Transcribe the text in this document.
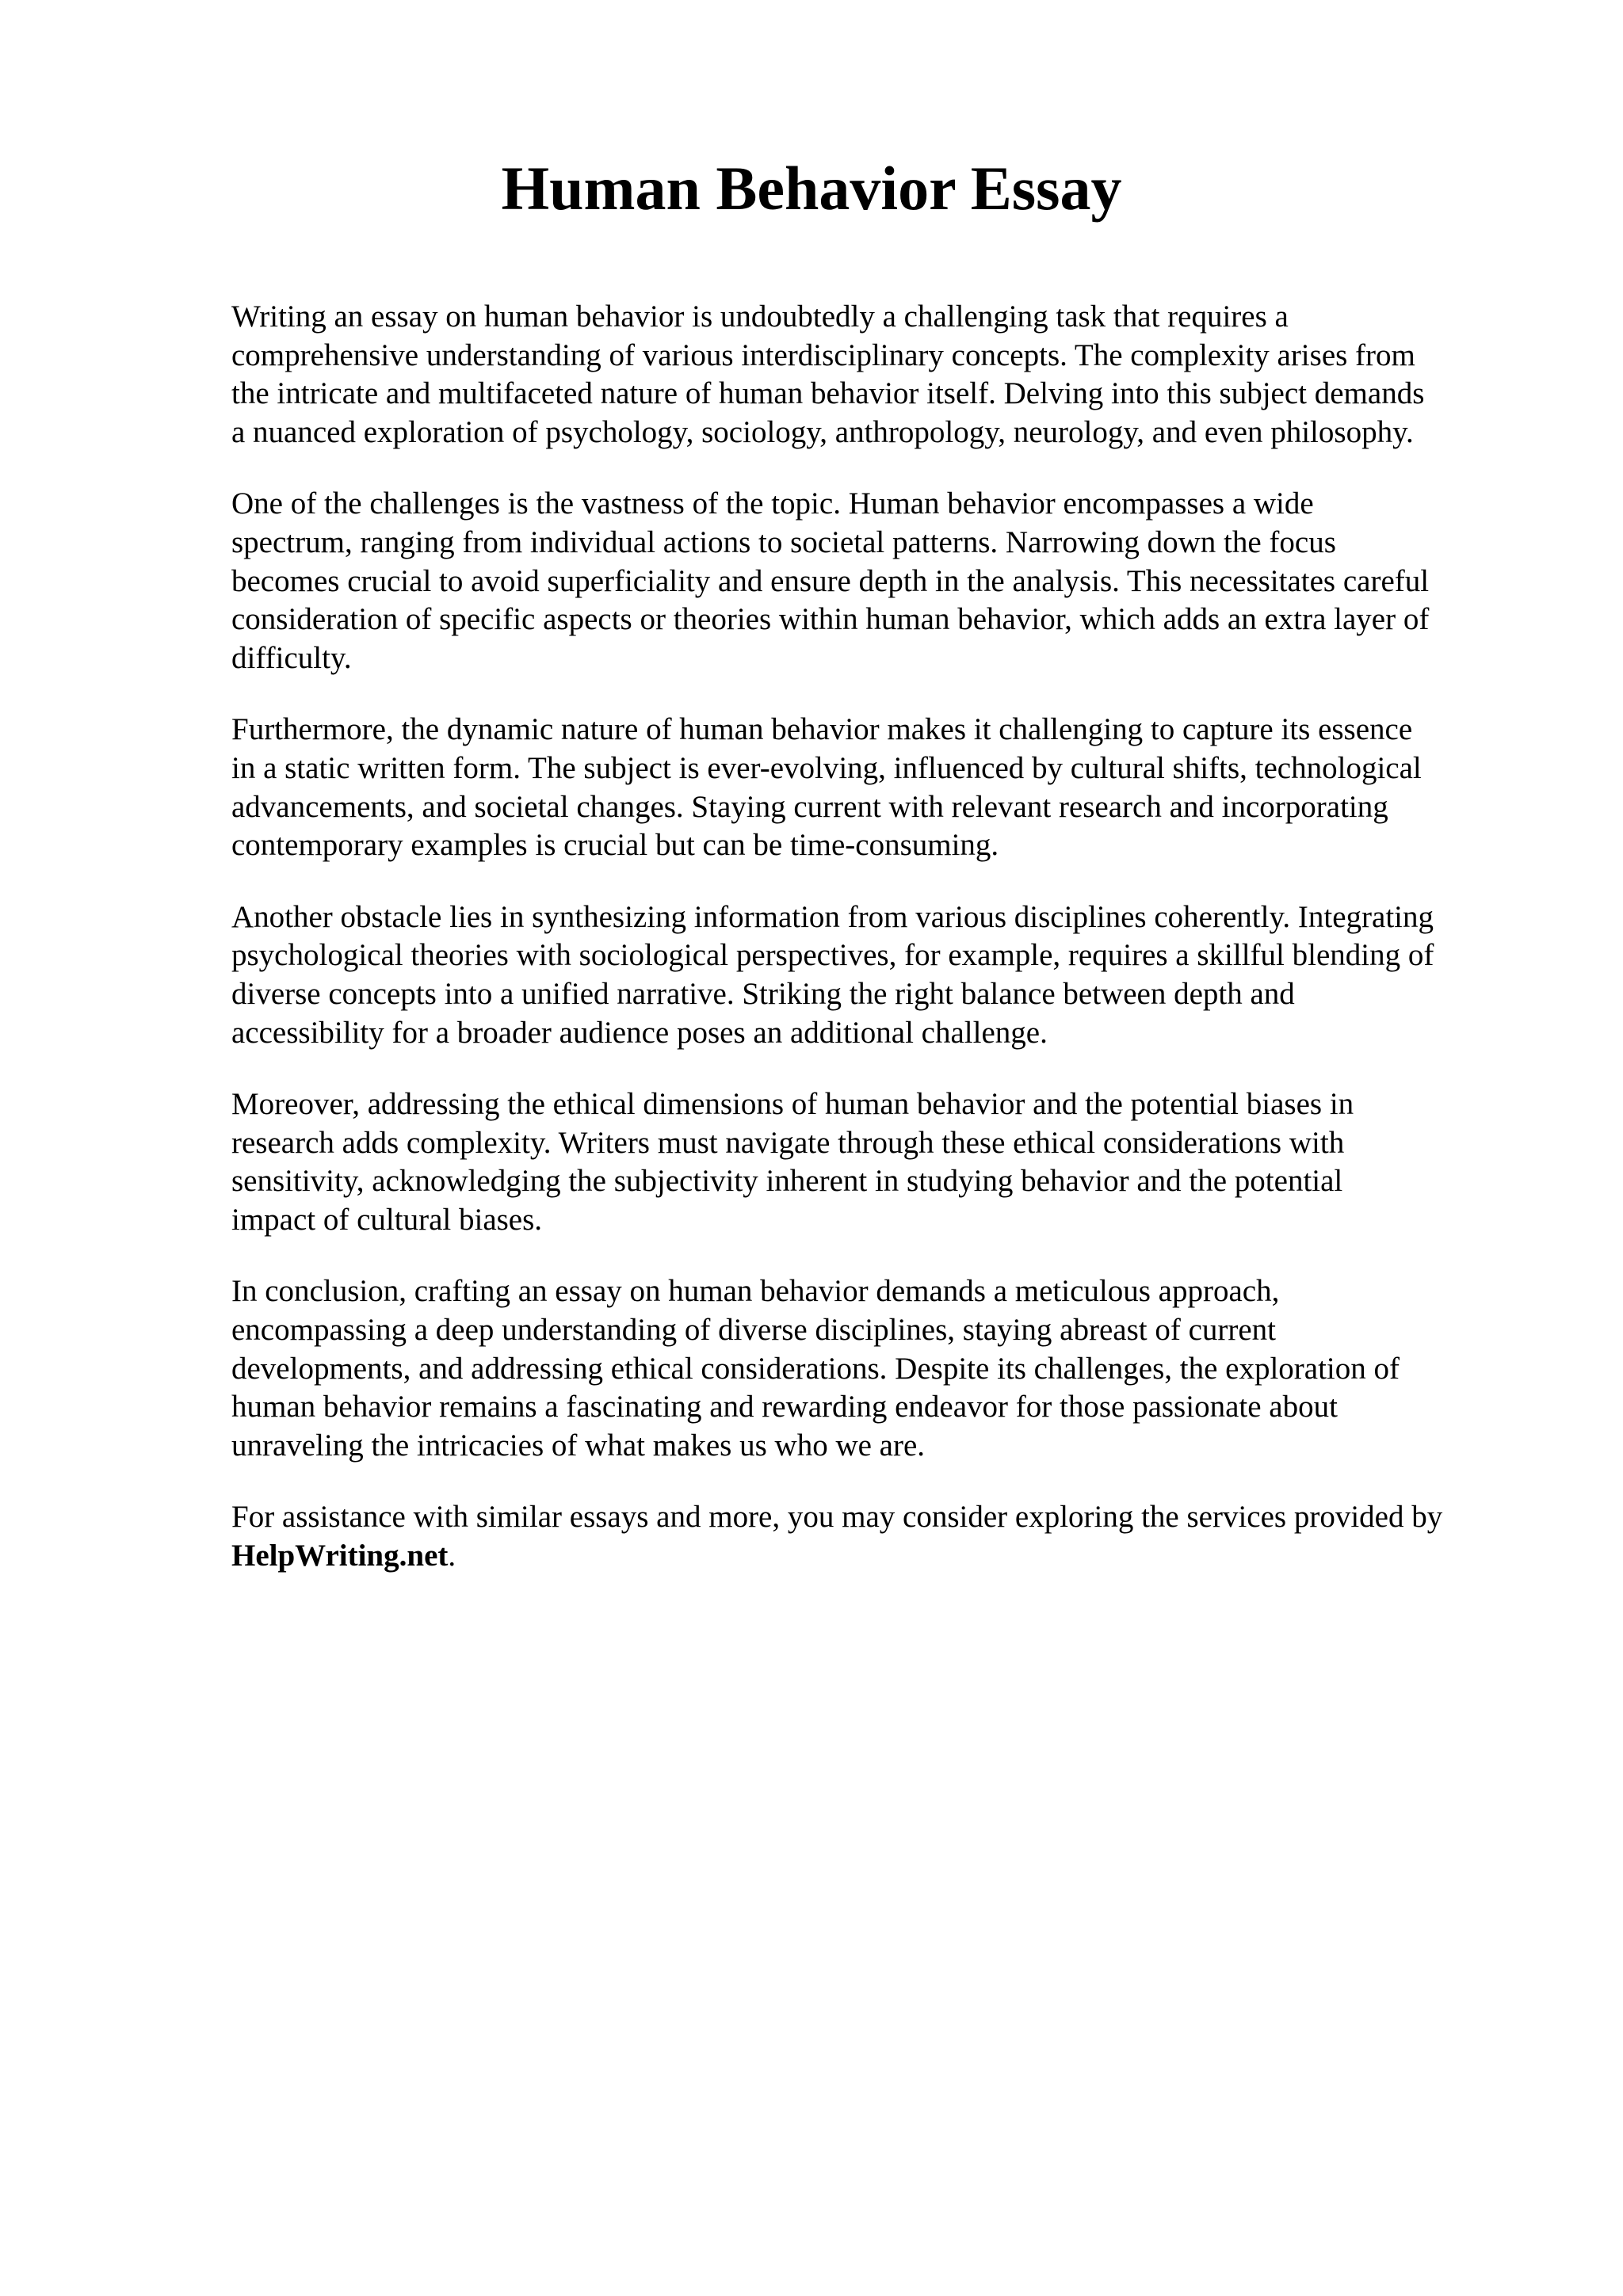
Human Behavior Essay

Writing an essay on human behavior is undoubtedly a challenging task that requires a
comprehensive understanding of various interdisciplinary concepts. The complexity arises from
the intricate and multifaceted nature of human behavior itself. Delving into this subject demands
a nuanced exploration of psychology, sociology, anthropology, neurology, and even philosophy.

One of the challenges is the vastness of the topic. Human behavior encompasses a wide
spectrum, ranging from individual actions to societal patterns. Narrowing down the focus
becomes crucial to avoid superficiality and ensure depth in the analysis. This necessitates careful
consideration of specific aspects or theories within human behavior, which adds an extra layer of
difficulty.

Furthermore, the dynamic nature of human behavior makes it challenging to capture its essence
in a static written form. The subject is ever-evolving, influenced by cultural shifts, technological
advancements, and societal changes. Staying current with relevant research and incorporating
contemporary examples is crucial but can be time-consuming.

Another obstacle lies in synthesizing information from various disciplines coherently. Integrating
psychological theories with sociological perspectives, for example, requires a skillful blending of
diverse concepts into a unified narrative. Striking the right balance between depth and
accessibility for a broader audience poses an additional challenge.

Moreover, addressing the ethical dimensions of human behavior and the potential biases in
research adds complexity. Writers must navigate through these ethical considerations with
sensitivity, acknowledging the subjectivity inherent in studying behavior and the potential
impact of cultural biases.

In conclusion, crafting an essay on human behavior demands a meticulous approach,
encompassing a deep understanding of diverse disciplines, staying abreast of current
developments, and addressing ethical considerations. Despite its challenges, the exploration of
human behavior remains a fascinating and rewarding endeavor for those passionate about
unraveling the intricacies of what makes us who we are.

For assistance with similar essays and more, you may consider exploring the services provided by
HelpWriting.net.
